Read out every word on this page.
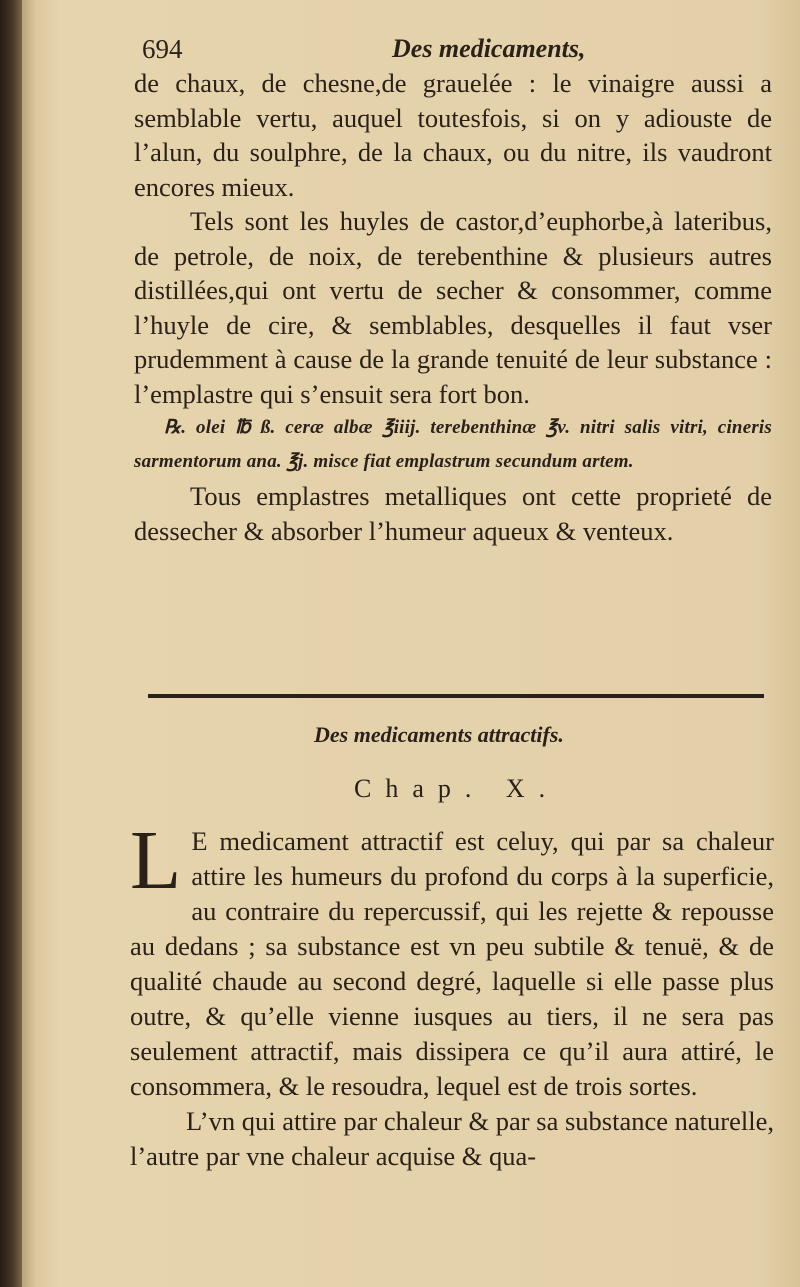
694	Des medicaments,

de chaux, de chesne,de grauelée : le vinaigre aussi a semblable vertu, auquel toutesfois, si on y adiouste de l’alun, du soulphre, de la chaux, ou du nitre, ils vaudront encores mieux.

Tels sont les huyles de castor,d’euphorbe,à lateribus, de petrole, de noix, de terebenthine & plusieurs autres distillées,qui ont vertu de secher & consommer, comme l’huyle de cire, & semblables, desquelles il faut vser prudemment à cause de la grande tenuité de leur substance : l’emplastre qui s’ensuit sera fort bon.

℞. olei ℔ ß. ceræ albæ ℥iiij. terebenthinæ ℥v. nitri salis vitri, cineris sarmentorum ana. ℥j. misce fiat emplastrum secundum artem.

Tous emplastres metalliques ont cette proprieté de dessecher & absorber l’humeur aqueux & venteux.

Des medicaments attractifs.
Chap. X.

L E medicament attractif est celuy, qui par sa chaleur attire les humeurs du profond du corps à la superficie, au contraire du repercussif, qui les rejette & repousse au dedans ; sa substance est vn peu subtile & tenuë, & de qualité chaude au second degré, laquelle si elle passe plus outre, & qu’elle vienne iusques au tiers, il ne sera pas seulement attractif, mais dissipera ce qu’il aura attiré, le consommera, & le resoudra, lequel est de trois sortes.

L’vn qui attire par chaleur & par sa substance naturelle, l’autre par vne chaleur acquise & qua-
